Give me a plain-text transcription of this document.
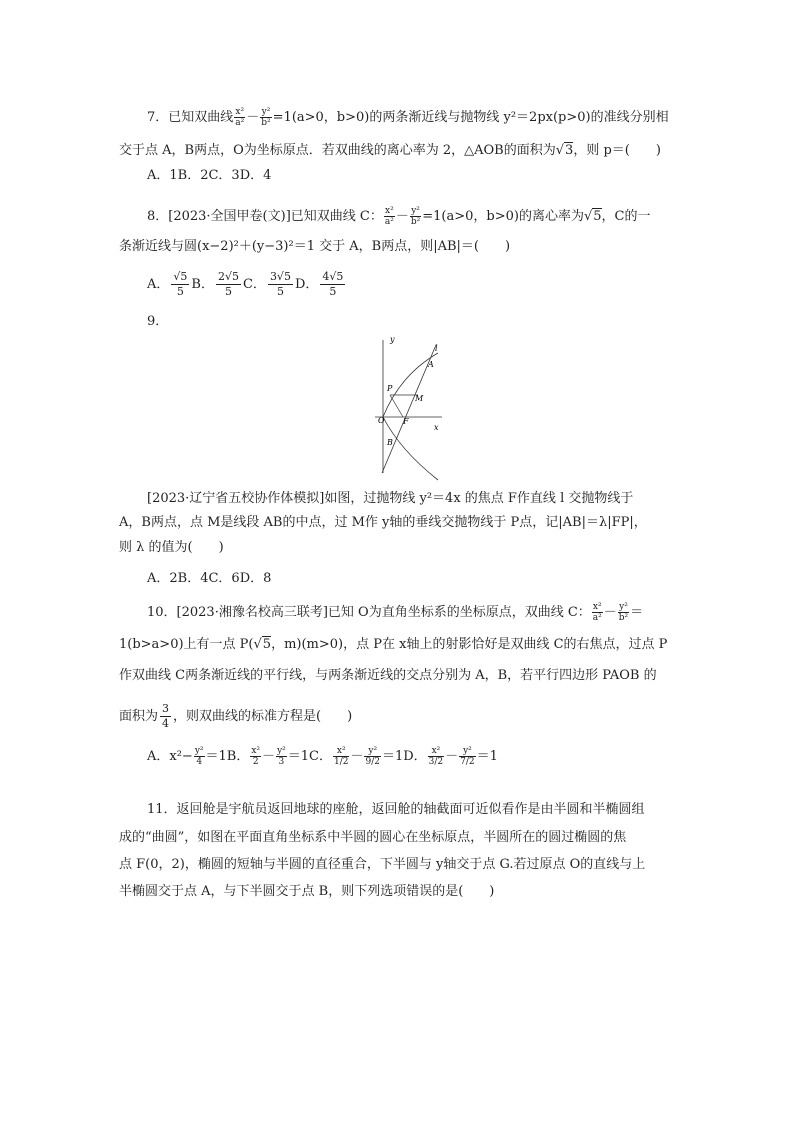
7．已知双曲线 $\frac{\text{x²}}{\text{a²}} - \frac{\text{y²}}{\text{b²}} =1(a>0$，b>0)的两条渐近线与抛物线 y²＝2px(p>0)的准线分别相
交于点 A，B两点，O为坐标原点．若双曲线的离心率为 2，△AOB的面积为√3，则 p＝(　　)
A．1B．2C．3D．4
8．[2023·全国甲卷(文)]已知双曲线 C： $\frac{\text{x²}}{\text{a²}} - \frac{\text{y²}}{\text{b²}} =1(a>0$，b>0)的离心率为√5，C的一
条渐近线与圆(x−2)²＋(y−3)²＝1 交于 A，B两点，则|AB|＝(　　)
A． $\frac{√5}{5}$ B． $\frac{2√5}{5}$ C． $\frac{3√5}{5}$ D． $\frac{4√5}{5}$
9．
y
x
l
A
P
M
O F
B
[2023·辽宁省五校协作体模拟]如图，过抛物线 y²＝4x 的焦点 F作直线 l 交抛物线于
A，B两点，点 M是线段 AB的中点，过 M作 y轴的垂线交抛物线于 P点，记|AB|＝λ|FP|，
则 λ 的值为(　　)
A．2B．4C．6D．8
10．[2023·湘豫名校高三联考]已知 O为直角坐标系的坐标原点，双曲线 C： $\frac{\text{x²}}{\text{a²}} - \frac{\text{y²}}{\text{b²}}$ ＝
1(b>a>0)上有一点 P(√5，m)(m>0)，点 P在 x轴上的射影恰好是双曲线 C的右焦点，过点 P
作双曲线 C两条渐近线的平行线，与两条渐近线的交点分别为 A，B，若平行四边形 PAOB 的
面积为 $\frac{3}{4}$ ，则双曲线的标准方程是(　　)
A．$x^2- \frac{\text{y²}}{4} =1B$． $\frac{\text{x²}}{2} - \frac{\text{y²}}{3} =1C$． $\frac{\text{x²}}{1/2} - \frac{\text{y²}}{9/2} =1D$． $\frac{\text{x²}}{3/2} - \frac{\text{y²}}{7/2} =1$
11．返回舱是宇航员返回地球的座舱，返回舱的轴截面可近似看作是由半圆和半椭圆组
成的“曲圆”，如图在平面直角坐标系中半圆的圆心在坐标原点，半圆所在的圆过椭圆的焦
点 F(0，2)，椭圆的短轴与半圆的直径重合，下半圆与 y轴交于点 G.若过原点 O的直线与上
半椭圆交于点 A，与下半圆交于点 B，则下列选项错误的是(　　)
